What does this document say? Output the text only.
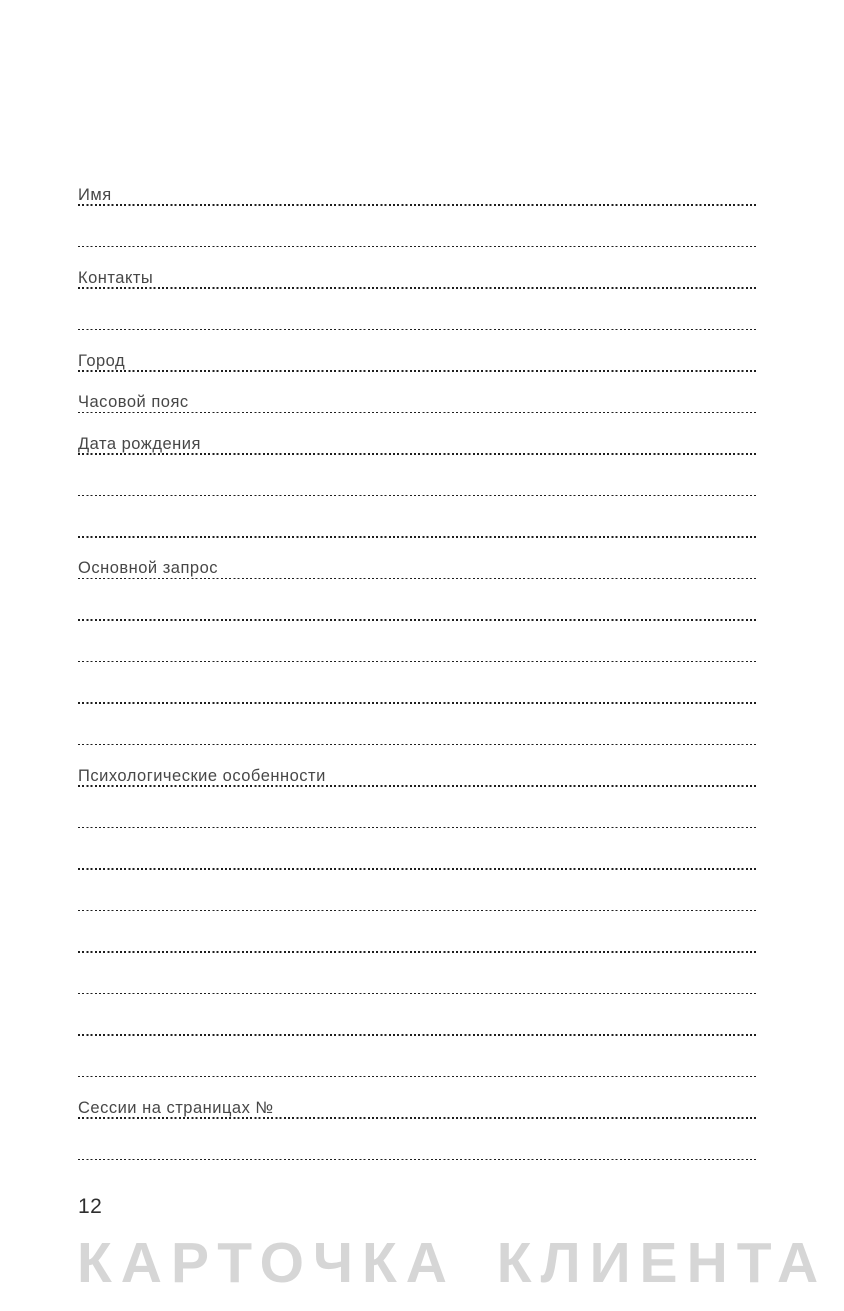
Имя
Контакты
Город
Часовой пояс
Дата рождения
Основной запрос
Психологические особенности
Сессии на страницах №
12
КАРТОЧКА КЛИЕНТА
